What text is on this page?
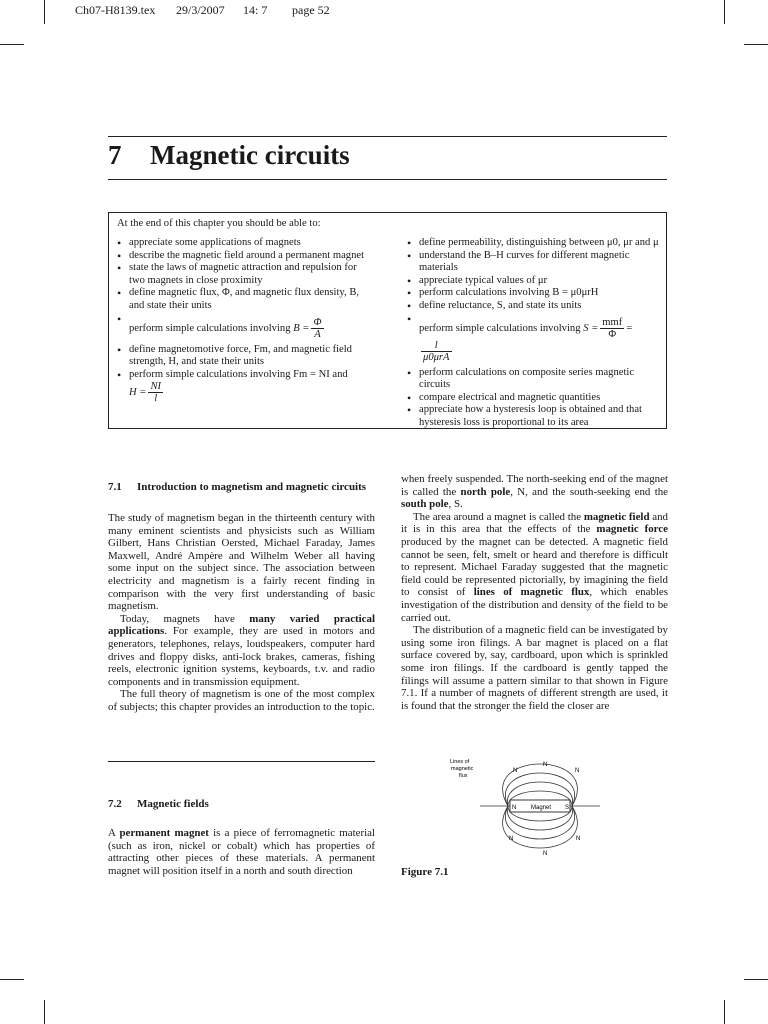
Ch07-H8139.tex 29/3/2007 14: 7 page 52
7 Magnetic circuits
At the end of this chapter you should be able to:
• appreciate some applications of magnets
• describe the magnetic field around a permanent magnet
• state the laws of magnetic attraction and repulsion for two magnets in close proximity
• define magnetic flux, Φ, and magnetic flux density, B, and state their units
• perform simple calculations involving $B = \frac{\Phi}{A}$
• define magnetomotive force, Fm, and magnetic field strength, H, and state their units
• perform simple calculations involving Fm = NI and
$H = \frac{NI}{l}$
• define permeability, distinguishing between μ0, μr and μ
• understand the B–H curves for different magnetic materials
• appreciate typical values of μr
• perform calculations involving B = μ0μrH
• define reluctance, S, and state its units
• perform simple calculations involving $S = \frac{\text{mmf}}{\Phi}$ =
$\frac{l}{\text{μ0μrA}}$
• perform calculations on composite series magnetic circuits
• compare electrical and magnetic quantities
• appreciate how a hysteresis loop is obtained and that hysteresis loss is proportional to its area
7.1	Introduction to magnetism and magnetic circuits

The study of magnetism began in the thirteenth century with many eminent scientists and physicists such as William Gilbert, Hans Christian Oersted, Michael Faraday, James Maxwell, André Ampère and Wilhelm Weber all having some input on the subject since. The association between electricity and magnetism is a fairly recent finding in comparison with the very first understanding of basic magnetism.

Today, magnets have many varied practical applications. For example, they are used in motors and generators, telephones, relays, loudspeakers, computer hard drives and floppy disks, anti-lock brakes, cameras, fishing reels, electronic ignition systems, keyboards, t.v. and radio components and in transmission equipment.

The full theory of magnetism is one of the most complex of subjects; this chapter provides an introduction to the topic.

7.2	Magnetic fields

A permanent magnet is a piece of ferromagnetic material (such as iron, nickel or cobalt) which has properties of attracting other pieces of these materials. A permanent magnet will position itself in a north and south direction

when freely suspended. The north-seeking end of the magnet is called the north pole, N, and the south-seeking end the south pole, S.

The area around a magnet is called the magnetic field and it is in this area that the effects of the magnetic force produced by the magnet can be detected. A magnetic field cannot be seen, felt, smelt or heard and therefore is difficult to represent. Michael Faraday suggested that the magnetic field could be represented pictorially, by imagining the field to consist of lines of magnetic flux, which enables investigation of the distribution and density of the field to be carried out.

The distribution of a magnetic field can be investigated by using some iron filings. A bar magnet is placed on a flat surface covered by, say, cardboard, upon which is sprinkled some iron filings. If the cardboard is gently tapped the filings will assume a pattern similar to that shown in Figure 7.1. If a number of magnets of different strength are used, it is found that the stronger the field the closer are

N Magnet S
N
N
N
N
N
N
Lines of
magnetic
flux
Figure 7.1
